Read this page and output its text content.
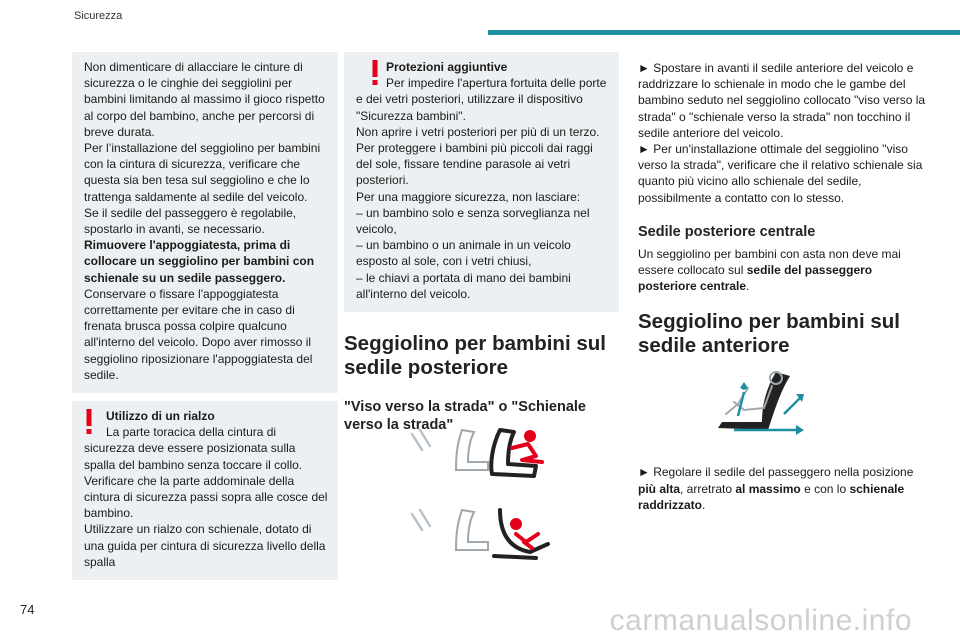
Sicurezza

Non dimenticare di allacciare le cinture di sicurezza o le cinghie dei seggiolini per bambini limitando al massimo il gioco rispetto al corpo del bambino, anche per percorsi di breve durata.

Per l’installazione del seggiolino per bambini con la cintura di sicurezza, verificare che questa sia ben tesa sul seggiolino e che lo trattenga saldamente al sedile del veicolo.

Se il sedile del passeggero è regolabile, spostarlo in avanti, se necessario.

Rimuovere l'appoggiatesta, prima di collocare un seggiolino per bambini con schienale su un sedile passeggero.

Conservare o fissare l'appoggiatesta correttamente per evitare che in caso di frenata brusca possa colpire qualcuno all'interno del veicolo. Dopo aver rimosso il seggiolino riposizionare l'appoggiatesta del sedile.

Utilizzo di un rialzo

La parte toracica della cintura di

sicurezza deve essere posizionata sulla spalla del bambino senza toccare il collo.

Verificare che la parte addominale della cintura di sicurezza passi sopra alle cosce del bambino.

Utilizzare un rialzo con schienale, dotato di una guida per cintura di sicurezza livello della spalla

Protezioni aggiuntive

Per impedire l'apertura fortuita delle porte

e dei vetri posteriori, utilizzare il dispositivo "Sicurezza bambini".

Non aprire i vetri posteriori per più di un terzo.

Per proteggere i bambini più piccoli dai raggi del sole, fissare tendine parasole ai vetri posteriori.

Per una maggiore sicurezza, non lasciare:

– un bambino solo e senza sorveglianza nel veicolo,

– un bambino o un animale in un veicolo esposto al sole, con i vetri chiusi,

– le chiavi a portata di mano dei bambini all'interno del veicolo.

Seggiolino per bambini sul sedile posteriore
"Viso verso la strada" o "Schienale verso la strada"

► Spostare in avanti il sedile anteriore del veicolo e raddrizzare lo schienale in modo che le gambe del bambino seduto nel seggiolino collocato "viso verso la strada" o "schienale verso la strada" non tocchino il sedile anteriore del veicolo.

► Per un'installazione ottimale del seggiolino "viso verso la strada", verificare che il relativo schienale sia quanto più vicino allo schienale del sedile, possibilmente a contatto con lo stesso.

Sedile posteriore centrale

Un seggiolino per bambini con asta non deve mai essere collocato sul sedile del passeggero posteriore centrale.

Seggiolino per bambini sul sedile anteriore

► Regolare il sedile del passeggero nella posizione più alta, arretrato al massimo e con lo schienale raddrizzato.

74	carmanualsonline.info
